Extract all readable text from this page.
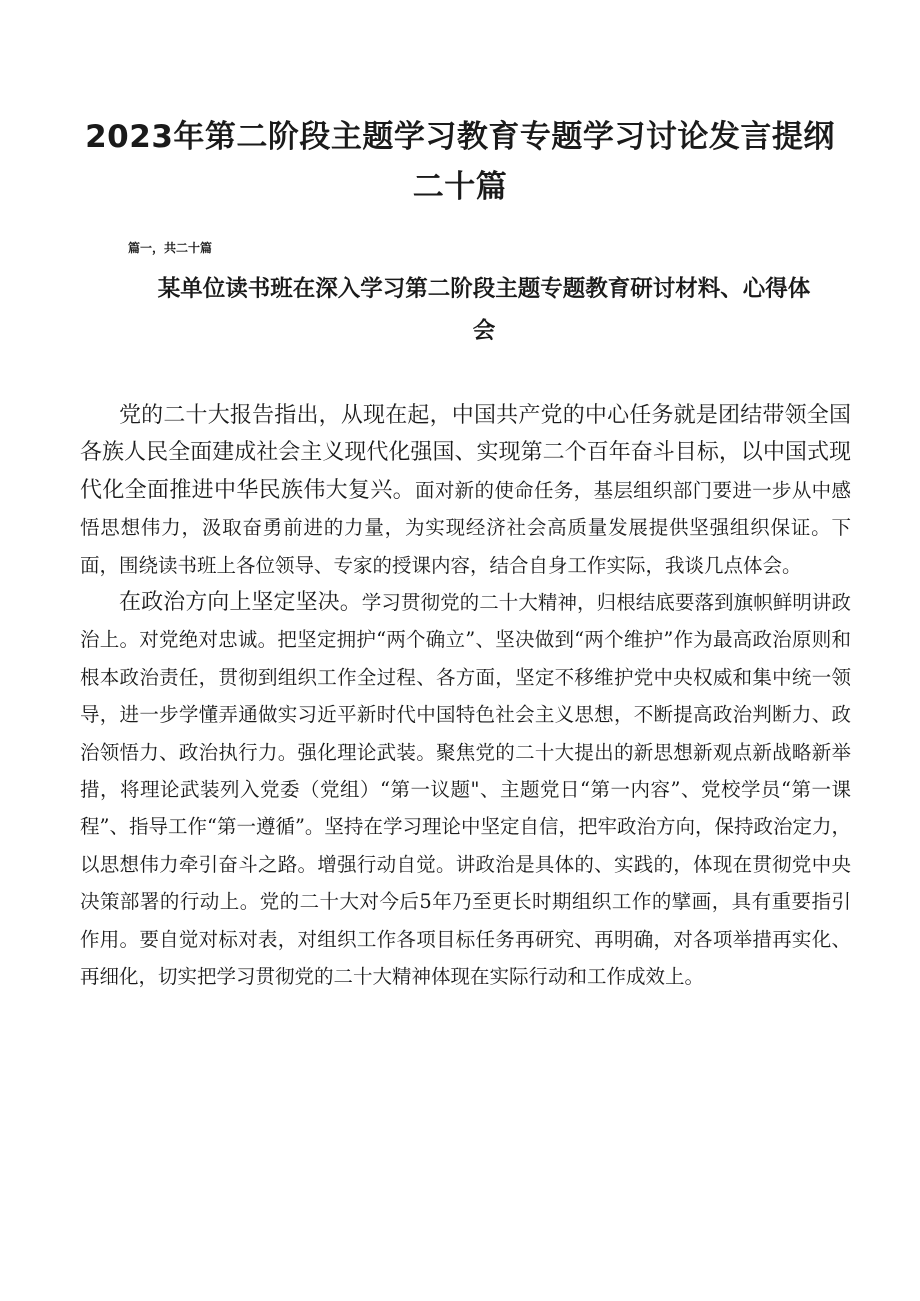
2023年第二阶段主题学习教育专题学习讨论发言提纲
二十篇
篇一，共二十篇
某单位读书班在深入学习第二阶段主题专题教育研讨材料、心得体
会

党的二十大报告指出，从现在起，中国共产党的中心任务就是团结带领全国各族人民全面建成社会主义现代化强国、实现第二个百年奋斗目标，以中国式现代化全面推进中华民族伟大复兴。面对新的使命任务，基层组织部门要进一步从中感悟思想伟力，汲取奋勇前进的力量，为实现经济社会高质量发展提供坚强组织保证。下面，围绕读书班上各位领导、专家的授课内容，结合自身工作实际，我谈几点体会。

在政治方向上坚定坚决。学习贯彻党的二十大精神，归根结底要落到旗帜鲜明讲政治上。对党绝对忠诚。把坚定拥护“两个确立”、坚决做到“两个维护”作为最高政治原则和根本政治责任，贯彻到组织工作全过程、各方面，坚定不移维护党中央权威和集中统一领导，进一步学懂弄通做实习近平新时代中国特色社会主义思想，不断提高政治判断力、政治领悟力、政治执行力。强化理论武装。聚焦党的二十大提出的新思想新观点新战略新举措，将理论武装列入党委（党组）“第一议题"、主题党日“第一内容”、党校学员“第一课程”、指导工作“第一遵循”。坚持在学习理论中坚定自信，把牢政治方向，保持政治定力，以思想伟力牵引奋斗之路。增强行动自觉。讲政治是具体的、实践的，体现在贯彻党中央决策部署的行动上。党的二十大对今后5年乃至更长时期组织工作的擘画，具有重要指引作用。要自觉对标对表，对组织工作各项目标任务再研究、再明确，对各项举措再实化、再细化，切实把学习贯彻党的二十大精神体现在实际行动和工作成效上。
